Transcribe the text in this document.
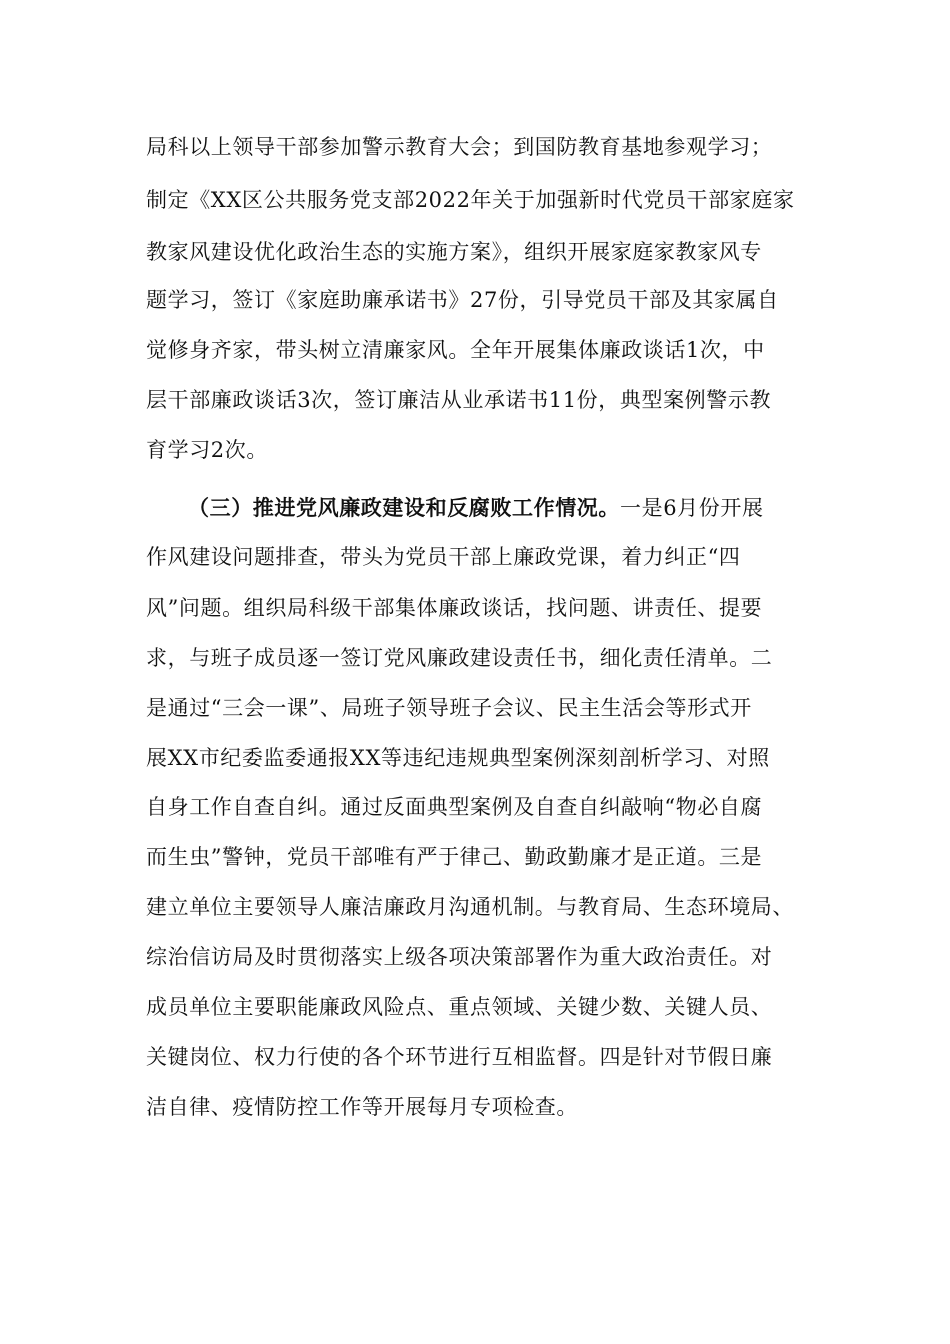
局科以上领导干部参加警示教育大会；到国防教育基地参观学习；
制定《XX区公共服务党支部2022年关于加强新时代党员干部家庭家
教家风建设优化政治生态的实施方案》，组织开展家庭家教家风专
题学习，签订《家庭助廉承诺书》27份，引导党员干部及其家属自
觉修身齐家，带头树立清廉家风。全年开展集体廉政谈话1次，中
层干部廉政谈话3次，签订廉洁从业承诺书11份，典型案例警示教
育学习2次。
（三）推进党风廉政建设和反腐败工作情况。一是6月份开展
作风建设问题排查，带头为党员干部上廉政党课，着力纠正“四
风”问题。组织局科级干部集体廉政谈话，找问题、讲责任、提要
求，与班子成员逐一签订党风廉政建设责任书，细化责任清单。二
是通过“三会一课”、局班子领导班子会议、民主生活会等形式开
展XX市纪委监委通报XX等违纪违规典型案例深刻剖析学习、对照
自身工作自查自纠。通过反面典型案例及自查自纠敲响“物必自腐
而生虫”警钟，党员干部唯有严于律己、勤政勤廉才是正道。三是
建立单位主要领导人廉洁廉政月沟通机制。与教育局、生态环境局、
综治信访局及时贯彻落实上级各项决策部署作为重大政治责任。对
成员单位主要职能廉政风险点、重点领域、关键少数、关键人员、
关键岗位、权力行使的各个环节进行互相监督。四是针对节假日廉
洁自律、疫情防控工作等开展每月专项检查。
